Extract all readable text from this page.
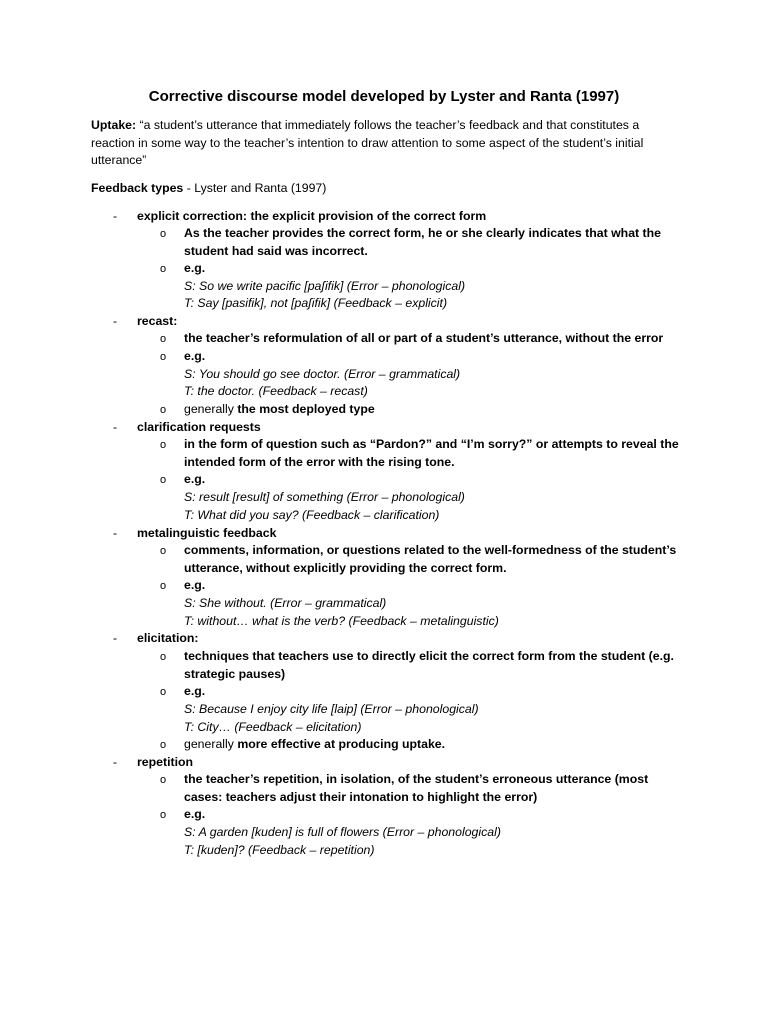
Corrective discourse model developed by Lyster and Ranta (1997)
Uptake: “a student’s utterance that immediately follows the teacher’s feedback and that constitutes a reaction in some way to the teacher’s intention to draw attention to some aspect of the student’s initial utterance”
Feedback types - Lyster and Ranta (1997)
- explicit correction: the explicit provision of the correct form
o As the teacher provides the correct form, he or she clearly indicates that what the student had said was incorrect.
o e.g.
S: So we write pacific [paʃifik] (Error – phonological)
T: Say [pasifik], not [paʃifik] (Feedback – explicit)
- recast:
o the teacher’s reformulation of all or part of a student’s utterance, without the error
o e.g.
S: You should go see doctor. (Error – grammatical)
T: the doctor. (Feedback – recast)
o generally the most deployed type
- clarification requests
o in the form of question such as “Pardon?” and “I’m sorry?” or attempts to reveal the intended form of the error with the rising tone.
o e.g.
S: result [result] of something (Error – phonological)
T: What did you say? (Feedback – clarification)
- metalinguistic feedback
o comments, information, or questions related to the well-formedness of the student’s utterance, without explicitly providing the correct form.
o e.g.
S: She without. (Error – grammatical)
T: without… what is the verb? (Feedback – metalinguistic)
- elicitation:
o techniques that teachers use to directly elicit the correct form from the student (e.g. strategic pauses)
o e.g.
S: Because I enjoy city life [laip] (Error – phonological)
T: City… (Feedback – elicitation)
o generally more effective at producing uptake.
- repetition
o the teacher’s repetition, in isolation, of the student’s erroneous utterance (most cases: teachers adjust their intonation to highlight the error)
o e.g.
S: A garden [kuden] is full of flowers (Error – phonological)
T: [kuden]? (Feedback – repetition)
